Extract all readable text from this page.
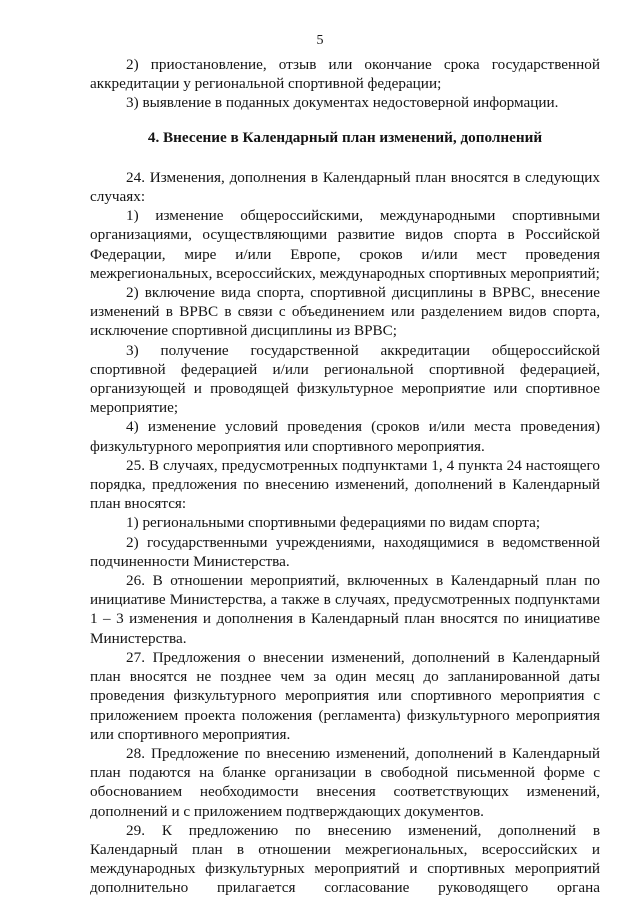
5

2) приостановление, отзыв или окончание срока государственной аккредитации у региональной спортивной федерации;

3) выявление в поданных документах недостоверной информации.

4. Внесение в Календарный план изменений, дополнений

24. Изменения, дополнения в Календарный план вносятся в следующих случаях:

1) изменение общероссийскими, международными спортивными организациями, осуществляющими развитие видов спорта в Российской Федерации, мире и/или Европе, сроков и/или мест проведения межрегиональных, всероссийских, международных спортивных мероприятий;

2) включение вида спорта, спортивной дисциплины в ВРВС, внесение изменений в ВРВС в связи с объединением или разделением видов спорта, исключение спортивной дисциплины из ВРВС;

3) получение государственной аккредитации общероссийской спортивной федерацией и/или региональной спортивной федерацией, организующей и проводящей физкультурное мероприятие или спортивное мероприятие;

4) изменение условий проведения (сроков и/или места проведения) физкультурного мероприятия или спортивного мероприятия.

25. В случаях, предусмотренных подпунктами 1, 4 пункта 24 настоящего порядка, предложения по внесению изменений, дополнений в Календарный план вносятся:

1) региональными спортивными федерациями по видам спорта;

2) государственными учреждениями, находящимися в ведомственной подчиненности Министерства.

26. В отношении мероприятий, включенных в Календарный план по инициативе Министерства, а также в случаях, предусмотренных подпунктами 1 – 3 изменения и дополнения в Календарный план вносятся по инициативе Министерства.

27. Предложения о внесении изменений, дополнений в Календарный план вносятся не позднее чем за один месяц до запланированной даты проведения физкультурного мероприятия или спортивного мероприятия с приложением проекта положения (регламента) физкультурного мероприятия или спортивного мероприятия.

28. Предложение по внесению изменений, дополнений в Календарный план подаются на бланке организации в свободной письменной форме с обоснованием необходимости внесения соответствующих изменений, дополнений и с приложением подтверждающих документов.

29. К предложению по внесению изменений, дополнений в Календарный план в отношении межрегиональных, всероссийских и международных физкультурных мероприятий и спортивных мероприятий дополнительно прилагается согласование руководящего органа
